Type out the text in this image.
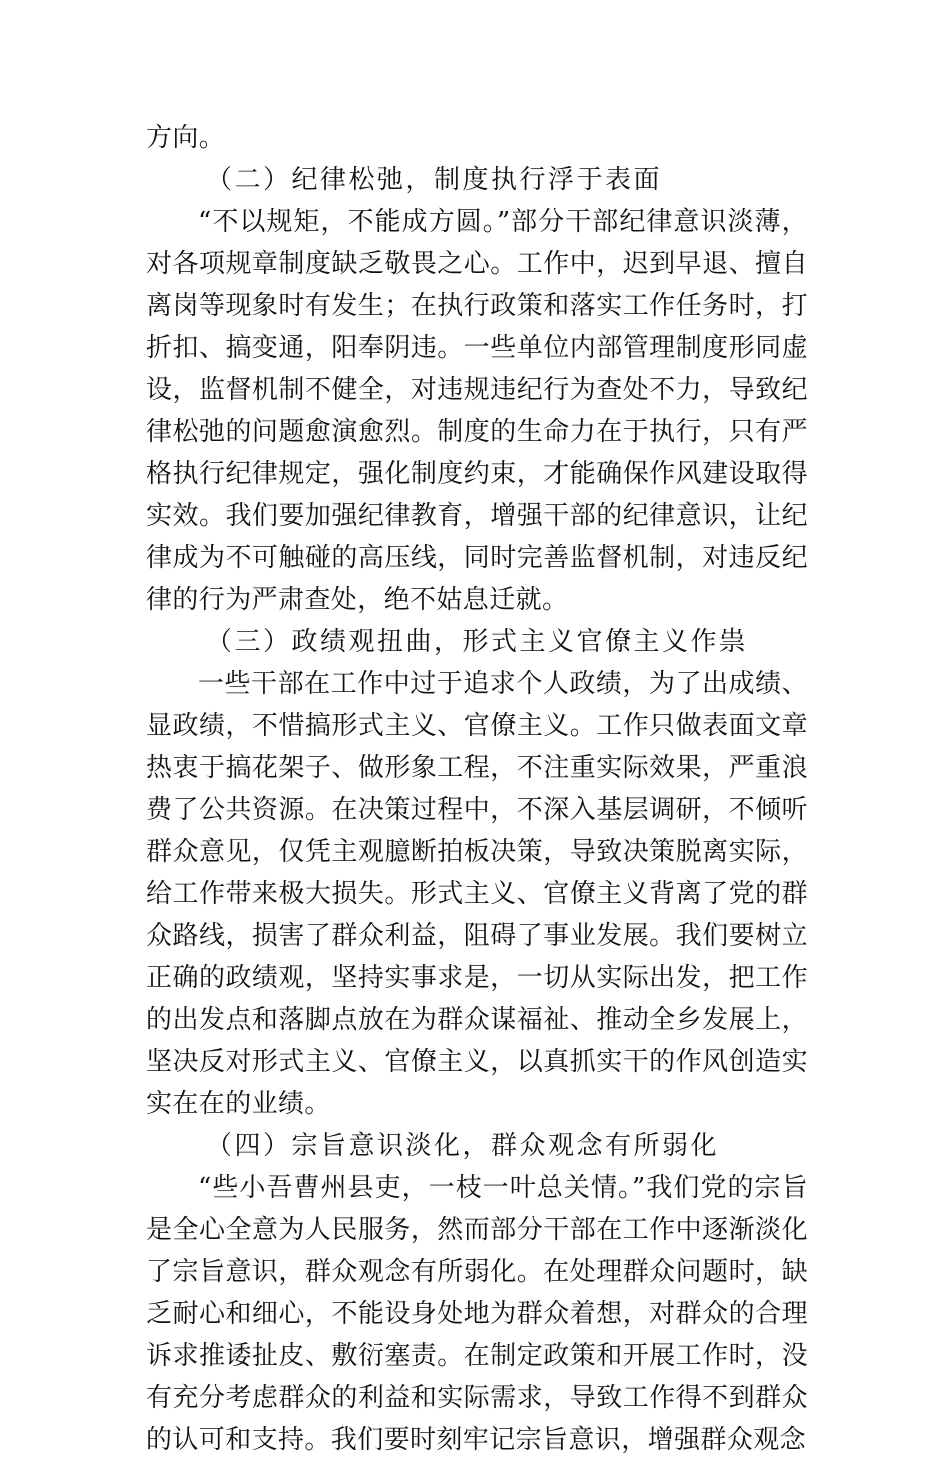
方向。

（二）纪律松弛，制度执行浮于表面

“不以规矩，不能成方圆。”部分干部纪律意识淡薄，对各项规章制度缺乏敬畏之心。工作中，迟到早退、擅自离岗等现象时有发生；在执行政策和落实工作任务时，打折扣、搞变通，阳奉阴违。一些单位内部管理制度形同虚设，监督机制不健全，对违规违纪行为查处不力，导致纪律松弛的问题愈演愈烈。制度的生命力在于执行，只有严格执行纪律规定，强化制度约束，才能确保作风建设取得实效。我们要加强纪律教育，增强干部的纪律意识，让纪律成为不可触碰的高压线，同时完善监督机制，对违反纪律的行为严肃查处，绝不姑息迁就。

（三）政绩观扭曲，形式主义官僚主义作祟

一些干部在工作中过于追求个人政绩，为了出成绩、显政绩，不惜搞形式主义、官僚主义。工作只做表面文章热衷于搞花架子、做形象工程，不注重实际效果，严重浪费了公共资源。在决策过程中，不深入基层调研，不倾听群众意见，仅凭主观臆断拍板决策，导致决策脱离实际，给工作带来极大损失。形式主义、官僚主义背离了党的群众路线，损害了群众利益，阻碍了事业发展。我们要树立正确的政绩观，坚持实事求是，一切从实际出发，把工作的出发点和落脚点放在为群众谋福祉、推动全乡发展上，坚决反对形式主义、官僚主义，以真抓实干的作风创造实实在在的业绩。

（四）宗旨意识淡化，群众观念有所弱化

“些小吾曹州县吏，一枝一叶总关情。”我们党的宗旨是全心全意为人民服务，然而部分干部在工作中逐渐淡化了宗旨意识，群众观念有所弱化。在处理群众问题时，缺乏耐心和细心，不能设身处地为群众着想，对群众的合理诉求推诿扯皮、敷衍塞责。在制定政策和开展工作时，没有充分考虑群众的利益和实际需求，导致工作得不到群众的认可和支持。我们要时刻牢记宗旨意识，增强群众观念
